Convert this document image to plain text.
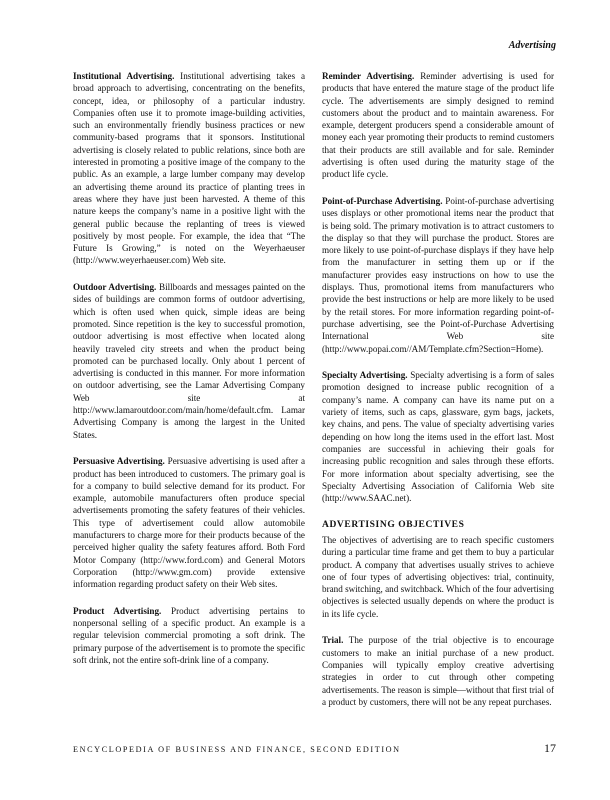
Advertising

Institutional Advertising. Institutional advertising takes a broad approach to advertising, concentrating on the benefits, concept, idea, or philosophy of a particular industry. Companies often use it to promote image-building activities, such an environmentally friendly business practices or new community-based programs that it sponsors. Institutional advertising is closely related to public relations, since both are interested in promoting a positive image of the company to the public. As an example, a large lumber company may develop an advertising theme around its practice of planting trees in areas where they have just been harvested. A theme of this nature keeps the company’s name in a positive light with the general public because the replanting of trees is viewed positively by most people. For example, the idea that “The Future Is Growing,” is noted on the Weyerhaeuser (http://www.weyerhaeuser.com) Web site.

Outdoor Advertising. Billboards and messages painted on the sides of buildings are common forms of outdoor advertising, which is often used when quick, simple ideas are being promoted. Since repetition is the key to successful promotion, outdoor advertising is most effective when located along heavily traveled city streets and when the product being promoted can be purchased locally. Only about 1 percent of advertising is conducted in this manner. For more information on outdoor advertising, see the Lamar Advertising Company Web site at http://www.lamaroutdoor.com/main/home/default.cfm. Lamar Advertising Company is among the largest in the United States.

Persuasive Advertising. Persuasive advertising is used after a product has been introduced to customers. The primary goal is for a company to build selective demand for its product. For example, automobile manufacturers often produce special advertisements promoting the safety features of their vehicles. This type of advertisement could allow automobile manufacturers to charge more for their products because of the perceived higher quality the safety features afford. Both Ford Motor Company (http://www.ford.com) and General Motors Corporation (http://www.gm.com) provide extensive information regarding product safety on their Web sites.

Product Advertising. Product advertising pertains to nonpersonal selling of a specific product. An example is a regular television commercial promoting a soft drink. The primary purpose of the advertisement is to promote the specific soft drink, not the entire soft-drink line of a company.

Reminder Advertising. Reminder advertising is used for products that have entered the mature stage of the product life cycle. The advertisements are simply designed to remind customers about the product and to maintain awareness. For example, detergent producers spend a considerable amount of money each year promoting their products to remind customers that their products are still available and for sale. Reminder advertising is often used during the maturity stage of the product life cycle.

Point-of-Purchase Advertising. Point-of-purchase advertising uses displays or other promotional items near the product that is being sold. The primary motivation is to attract customers to the display so that they will purchase the product. Stores are more likely to use point-of-purchase displays if they have help from the manufacturer in setting them up or if the manufacturer provides easy instructions on how to use the displays. Thus, promotional items from manufacturers who provide the best instructions or help are more likely to be used by the retail stores. For more information regarding point-of-purchase advertising, see the Point-of-Purchase Advertising International Web site (http://www.popai.com//AM/Template.cfm?Section=Home).

Specialty Advertising. Specialty advertising is a form of sales promotion designed to increase public recognition of a company’s name. A company can have its name put on a variety of items, such as caps, glassware, gym bags, jackets, key chains, and pens. The value of specialty advertising varies depending on how long the items used in the effort last. Most companies are successful in achieving their goals for increasing public recognition and sales through these efforts. For more information about specialty advertising, see the Specialty Advertising Association of California Web site (http://www.SAAC.net).

ADVERTISING OBJECTIVES

The objectives of advertising are to reach specific customers during a particular time frame and get them to buy a particular product. A company that advertises usually strives to achieve one of four types of advertising objectives: trial, continuity, brand switching, and switchback. Which of the four advertising objectives is selected usually depends on where the product is in its life cycle.

Trial. The purpose of the trial objective is to encourage customers to make an initial purchase of a new product. Companies will typically employ creative advertising strategies in order to cut through other competing advertisements. The reason is simple—without that first trial of a product by customers, there will not be any repeat purchases.

ENCYCLOPEDIA OF BUSINESS AND FINANCE, SECOND EDITION	17
